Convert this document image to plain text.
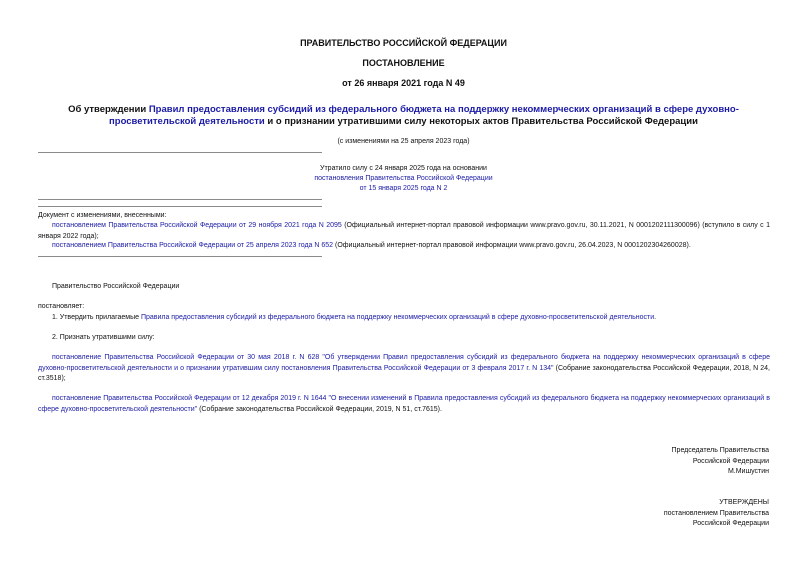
ПРАВИТЕЛЬСТВО РОССИЙСКОЙ ФЕДЕРАЦИИ
ПОСТАНОВЛЕНИЕ
от 26 января 2021 года N 49
Об утверждении Правил предоставления субсидий из федерального бюджета на поддержку некоммерческих организаций в сфере духовно-просветительской деятельности и о признании утратившими силу некоторых актов Правительства Российской Федерации
(с изменениями на 25 апреля 2023 года)
Утратило силу с 24 января 2025 года на основании
постановления Правительства Российской Федерации
от 15 января 2025 года N 2
Документ с изменениями, внесенными:
постановлением Правительства Российской Федерации от 29 ноября 2021 года N 2095 (Официальный интернет-портал правовой информации www.pravo.gov.ru, 30.11.2021, N 0001202111300096) (вступило в силу с 1 января 2022 года);
постановлением Правительства Российской Федерации от 25 апреля 2023 года N 652 (Официальный интернет-портал правовой информации www.pravo.gov.ru, 26.04.2023, N 0001202304260028).
Правительство Российской Федерации
постановляет:
1. Утвердить прилагаемые Правила предоставления субсидий из федерального бюджета на поддержку некоммерческих организаций в сфере духовно-просветительской деятельности.
2. Признать утратившими силу:
постановление Правительства Российской Федерации от 30 мая 2018 г. N 628 "Об утверждении Правил предоставления субсидий из федерального бюджета на поддержку некоммерческих организаций в сфере духовно-просветительской деятельности и о признании утратившим силу постановления Правительства Российской Федерации от 3 февраля 2017 г. N 134" (Собрание законодательства Российской Федерации, 2018, N 24, ст.3518);
постановление Правительства Российской Федерации от 12 декабря 2019 г. N 1644 "О внесении изменений в Правила предоставления субсидий из федерального бюджета на поддержку некоммерческих организаций в сфере духовно-просветительской деятельности" (Собрание законодательства Российской Федерации, 2019, N 51, ст.7615).
Председатель Правительства
Российской Федерации
М.Мишустин
УТВЕРЖДЕНЫ
постановлением Правительства
Российской Федерации
